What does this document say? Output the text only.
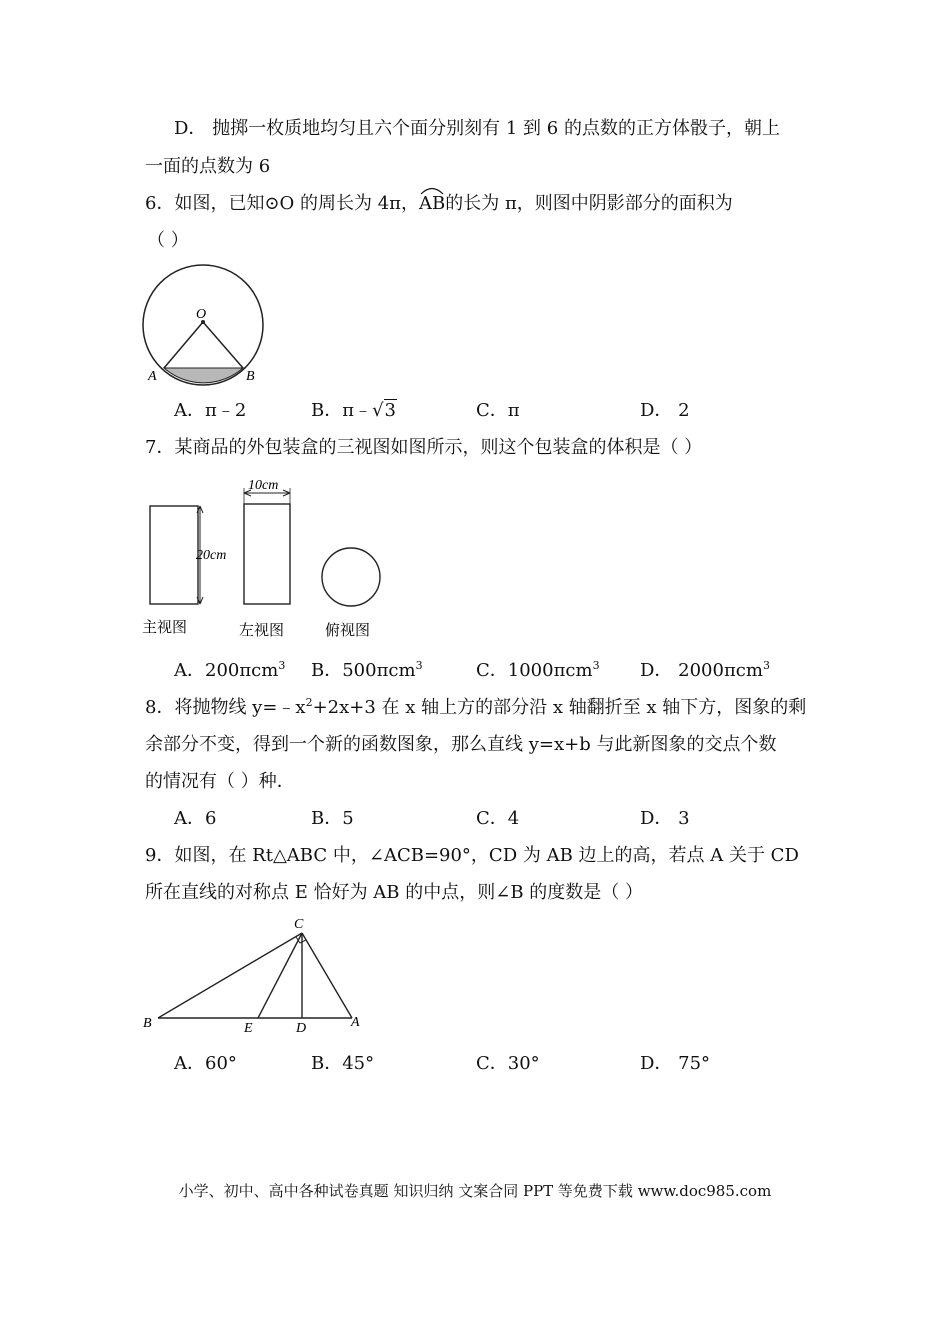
D． 抛掷一枚质地均匀且六个面分别刻有 1 到 6 的点数的正方体骰子，朝上
一面的点数为 6
6．如图，已知⊙O 的周长为 4π，
AB的长为 π，则图中阴影部分的面积为
（ ）
O
A	B
A．π﹣2	B．π﹣√3	C．π	D． 2
7．某商品的外包装盒的三视图如图所示，则这个包装盒的体积是（ ）
20cm
10cm
主视图	左视图	俯视图
A．200πcm$^3$ B．500πcm$^3$	C．1000πcm$^3$ D． 2000πcm$^3$
8．将抛物线 $y=﹣x^2+2x+3$ 在 x 轴上方的部分沿 x 轴翻折至 x 轴下方，图象的剩
余部分不变，得到一个新的函数图象，那么直线 y=x+b 与此新图象的交点个数
的情况有（ ）种．
A．6	B．5	C．4	D． 3
9．如图，在 Rt△ABC 中，∠ACB=90°，CD 为 AB 边上的高，若点 A 关于 CD
所在直线的对称点 E 恰好为 AB 的中点，则∠B 的度数是（ ）
C
B	E	D	A
A．60°	B．45°	C．30°	D． 75°
小学、初中、高中各种试卷真题 知识归纳 文案合同 PPT 等免费下载 www.doc985.com
